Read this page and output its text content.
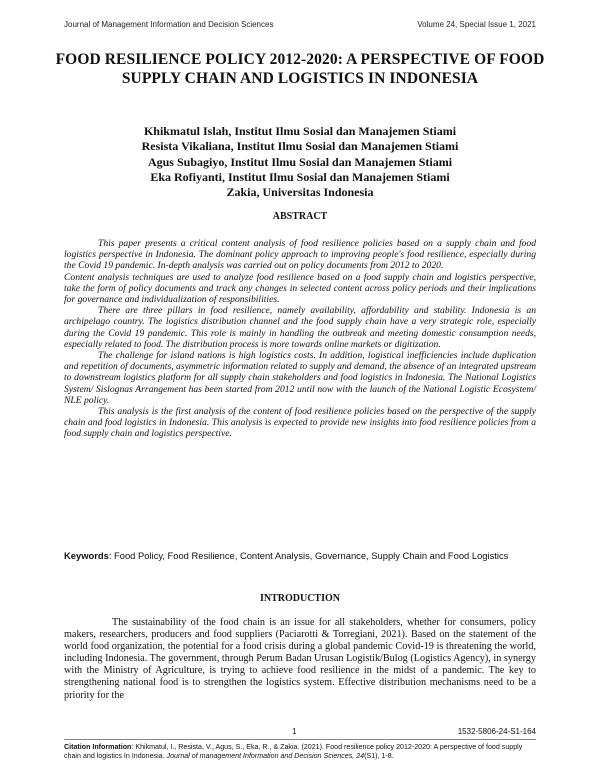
Journal of Management Information and Decision Sciences	Volume 24, Special Issue 1, 2021
FOOD RESILIENCE POLICY 2012-2020: A PERSPECTIVE OF FOOD SUPPLY CHAIN AND LOGISTICS IN INDONESIA
Khikmatul Islah, Institut Ilmu Sosial dan Manajemen Stiami
Resista Vikaliana, Institut Ilmu Sosial dan Manajemen Stiami
Agus Subagiyo, Institut Ilmu Sosial dan Manajemen Stiami
Eka Rofiyanti, Institut Ilmu Sosial dan Manajemen Stiami
Zakia, Universitas Indonesia
ABSTRACT

This paper presents a critical content analysis of food resilience policies based on a supply chain and food logistics perspective in Indonesia. The dominant policy approach to improving people's food resilience, especially during the Covid 19 pandemic. In-depth analysis was carried out on policy documents from 2012 to 2020.

Content analysis techniques are used to analyze food resilience based on a food supply chain and logistics perspective, take the form of policy documents and track any changes in selected content across policy periods and their implications for governance and individualization of responsibilities.

There are three pillars in food resilience, namely availability, affordability and stability. Indonesia is an archipelago country. The logistics distribution channel and the food supply chain have a very strategic role, especially during the Covid 19 pandemic. This role is mainly in handling the outbreak and meeting domestic consumption needs, especially related to food. The distribution process is more towards online markets or digitization.

The challenge for island nations is high logistics costs. In addition, logistical inefficiencies include duplication and repetition of documents, asymmetric information related to supply and demand, the absence of an integrated upstream to downstream logistics platform for all supply chain stakeholders and food logistics in Indonesia. The National Logistics System/ Sislognas Arrangement has been started from 2012 until now with the launch of the National Logistic Ecosystem/ NLE policy.

This analysis is the first analysis of the content of food resilience policies based on the perspective of the supply chain and food logistics in Indonesia. This analysis is expected to provide new insights into food resilience policies from a food supply chain and logistics perspective.

Keywords: Food Policy, Food Resilience, Content Analysis, Governance, Supply Chain and Food Logistics
INTRODUCTION

The sustainability of the food chain is an issue for all stakeholders, whether for consumers, policy makers, researchers, producers and food suppliers (Paciarotti & Torregiani, 2021). Based on the statement of the world food organization, the potential for a food crisis during a global pandemic Covid-19 is threatening the world, including Indonesia. The government, through Perum Badan Urusan Logistik/Bulog (Logistics Agency), in synergy with the Ministry of Agriculture, is trying to achieve food resilience in the midst of a pandemic. The key to strengthening national food is to strengthen the logistics system. Effective distribution mechanisms need to be a priority for the

1	1532-5806-24-S1-164
Citation Information: Khikmatul, I., Resista, V., Agus, S., Eka, R., & Zakia. (2021). Food resilience policy 2012-2020: A perspective of food supply chain and logistics In Indonesia. Journal of management Information and Decision Sciences, 24(S1), 1-8.
